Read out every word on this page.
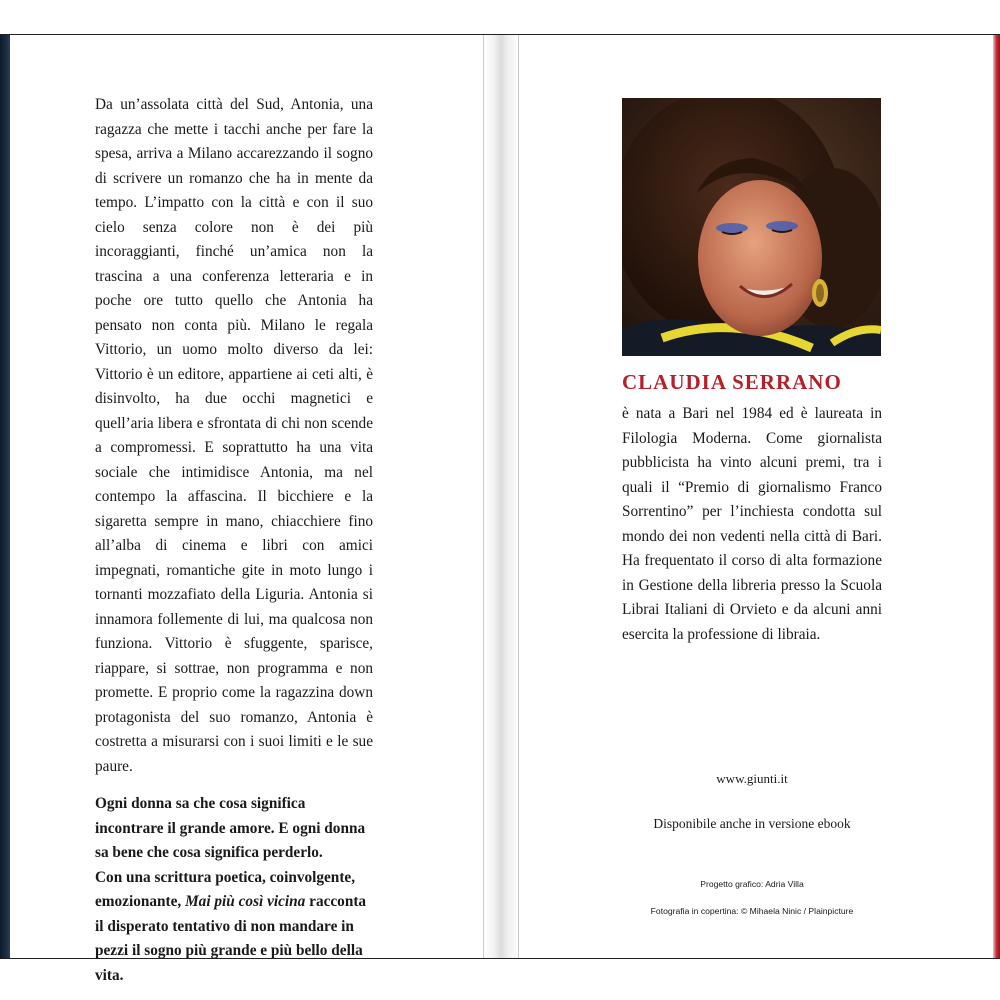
Da un’assolata città del Sud, Antonia, una ragazza che mette i tacchi anche per fare la spesa, arriva a Milano accarezzando il sogno di scrivere un romanzo che ha in mente da tempo. L’impatto con la città e con il suo cielo senza colore non è dei più incoraggianti, finché un’amica non la trascina a una conferenza letteraria e in poche ore tutto quello che Antonia ha pensato non conta più. Milano le regala Vittorio, un uomo molto diverso da lei: Vittorio è un editore, appartiene ai ceti alti, è disinvolto, ha due occhi magnetici e quell’aria libera e sfrontata di chi non scende a compromessi. E soprattutto ha una vita sociale che intimidisce Antonia, ma nel contempo la affascina. Il bicchiere e la sigaretta sempre in mano, chiacchiere fino all’alba di cinema e libri con amici impegnati, romantiche gite in moto lungo i tornanti mozzafiato della Liguria. Antonia si innamora follemente di lui, ma qualcosa non funziona. Vittorio è sfuggente, sparisce, riappare, si sottrae, non programma e non promette. E proprio come la ragazzina down protagonista del suo romanzo, Antonia è costretta a misurarsi con i suoi limiti e le sue paure.

Ogni donna sa che cosa significa incontrare il grande amore. E ogni donna sa bene che cosa significa perderlo.
Con una scrittura poetica, coinvolgente, emozionante, Mai più così vicina racconta il disperato tentativo di non mandare in pezzi il sogno più grande e più bello della vita.

CLAUDIA SERRANO
è nata a Bari nel 1984 ed è laureata in Filologia Moderna. Come giornalista pubblicista ha vinto alcuni premi, tra i quali il “Premio di giornalismo Franco Sorrentino” per l’inchiesta condotta sul mondo dei non vedenti nella città di Bari. Ha frequentato il corso di alta formazione in Gestione della libreria presso la Scuola Librai Italiani di Orvieto e da alcuni anni esercita la professione di libraia.
www.giunti.it
Disponibile anche in versione ebook
Progetto grafico: Adria Villa
Fotografia in copertina: © Mihaela Ninic / Plainpicture
